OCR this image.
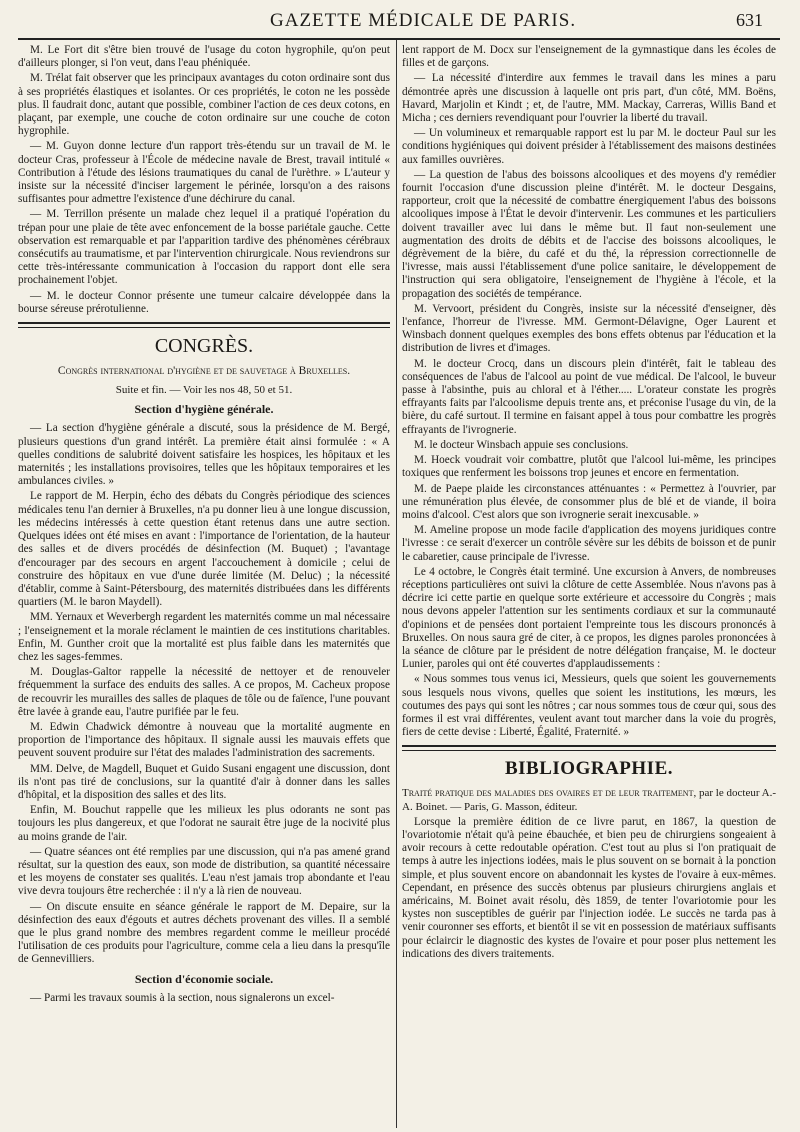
GAZETTE MÉDICALE DE PARIS.	631

M. Le Fort dit s'être bien trouvé de l'usage du coton hygrophile, qu'on peut d'ailleurs plonger, si l'on veut, dans l'eau phéniquée.

M. Trélat fait observer que les principaux avantages du coton ordinaire sont dus à ses propriétés élastiques et isolantes. Or ces propriétés, le coton ne les possède plus. Il faudrait donc, autant que possible, combiner l'action de ces deux cotons, en plaçant, par exemple, une couche de coton ordinaire sur une couche de coton hygrophile.

— M. Guyon donne lecture d'un rapport très-étendu sur un travail de M. le docteur Cras, professeur à l'École de médecine navale de Brest, travail intitulé « Contribution à l'étude des lésions traumatiques du canal de l'urèthre. » L'auteur y insiste sur la nécessité d'inciser largement le périnée, lorsqu'on a des raisons suffisantes pour admettre l'existence d'une déchirure du canal.

— M. Terrillon présente un malade chez lequel il a pratiqué l'opération du trépan pour une plaie de tête avec enfoncement de la bosse pariétale gauche. Cette observation est remarquable et par l'apparition tardive des phénomènes cérébraux consécutifs au traumatisme, et par l'intervention chirurgicale. Nous reviendrons sur cette très-intéressante communication à l'occasion du rapport dont elle sera prochainement l'objet.

— M. le docteur Connor présente une tumeur calcaire développée dans la bourse séreuse prérotulienne.

CONGRÈS.
Congrès international d'hygiène et de sauvetage à Bruxelles.
Suite et fin. — Voir les nos 48, 50 et 51.
Section d'hygiène générale.

— La section d'hygiène générale a discuté, sous la présidence de M. Bergé, plusieurs questions d'un grand intérêt. La première était ainsi formulée : « A quelles conditions de salubrité doivent satisfaire les hospices, les hôpitaux et les maternités ; les installations provisoires, telles que les hôpitaux temporaires et les ambulances civiles. »

Le rapport de M. Herpin, écho des débats du Congrès périodique des sciences médicales tenu l'an dernier à Bruxelles, n'a pu donner lieu à une longue discussion, les médecins intéressés à cette question étant retenus dans une autre section. Quelques idées ont été mises en avant : l'importance de l'orientation, de la hauteur des salles et de divers procédés de désinfection (M. Buquet) ; l'avantage d'encourager par des secours en argent l'accouchement à domicile ; celui de construire des hôpitaux en vue d'une durée limitée (M. Deluc) ; la nécessité d'établir, comme à Saint-Pétersbourg, des maternités distribuées dans les différents quartiers (M. le baron Maydell).

MM. Yernaux et Weverbergh regardent les maternités comme un mal nécessaire ; l'enseignement et la morale réclament le maintien de ces institutions charitables. Enfin, M. Gunther croit que la mortalité est plus faible dans les maternités que chez les sages-femmes.

M. Douglas-Galtor rappelle la nécessité de nettoyer et de renouveler fréquemment la surface des enduits des salles. A ce propos, M. Cacheux propose de recouvrir les murailles des salles de plaques de tôle ou de faïence, l'une pouvant être lavée à grande eau, l'autre purifiée par le feu.

M. Edwin Chadwick démontre à nouveau que la mortalité augmente en proportion de l'importance des hôpitaux. Il signale aussi les mauvais effets que peuvent souvent produire sur l'état des malades l'administration des sacrements.

MM. Delve, de Magdell, Buquet et Guido Susani engagent une discussion, dont ils n'ont pas tiré de conclusions, sur la quantité d'air à donner dans les salles d'hôpital, et la disposition des salles et des lits.

Enfin, M. Bouchut rappelle que les milieux les plus odorants ne sont pas toujours les plus dangereux, et que l'odorat ne saurait être juge de la nocivité plus au moins grande de l'air.

— Quatre séances ont été remplies par une discussion, qui n'a pas amené grand résultat, sur la question des eaux, son mode de distribution, sa quantité nécessaire et les moyens de constater ses qualités. L'eau n'est jamais trop abondante et l'eau vive devra toujours être recherchée : il n'y a là rien de nouveau.

— On discute ensuite en séance générale le rapport de M. Depaire, sur la désinfection des eaux d'égouts et autres déchets provenant des villes. Il a semblé que le plus grand nombre des membres regardent comme le meilleur procédé l'utilisation de ces produits pour l'agriculture, comme cela a lieu dans la presqu'île de Gennevilliers.

Section d'économie sociale.

— Parmi les travaux soumis à la section, nous signalerons un excel-

lent rapport de M. Docx sur l'enseignement de la gymnastique dans les écoles de filles et de garçons.

— La nécessité d'interdire aux femmes le travail dans les mines a paru démontrée après une discussion à laquelle ont pris part, d'un côté, MM. Boëns, Havard, Marjolin et Kindt ; et, de l'autre, MM. Mackay, Carreras, Willis Band et Micha ; ces derniers revendiquant pour l'ouvrier la liberté du travail.

— Un volumineux et remarquable rapport est lu par M. le docteur Paul sur les conditions hygiéniques qui doivent présider à l'établissement des maisons destinées aux familles ouvrières.

— La question de l'abus des boissons alcooliques et des moyens d'y remédier fournit l'occasion d'une discussion pleine d'intérêt. M. le docteur Desgains, rapporteur, croit que la nécessité de combattre énergiquement l'abus des boissons alcooliques impose à l'État le devoir d'intervenir. Les communes et les particuliers doivent travailler avec lui dans le même but. Il faut non-seulement une augmentation des droits de débits et de l'accise des boissons alcooliques, le dégrèvement de la bière, du café et du thé, la répression correctionnelle de l'ivresse, mais aussi l'établissement d'une police sanitaire, le développement de l'instruction qui sera obligatoire, l'enseignement de l'hygiène à l'école, et la propagation des sociétés de tempérance.

M. Vervoort, président du Congrès, insiste sur la nécessité d'enseigner, dès l'enfance, l'horreur de l'ivresse. MM. Germont-Délavigne, Oger Laurent et Winsbach donnent quelques exemples des bons effets obtenus par l'éducation et la distribution de livres et d'images.

M. le docteur Crocq, dans un discours plein d'intérêt, fait le tableau des conséquences de l'abus de l'alcool au point de vue médical. De l'alcool, le buveur passe à l'absinthe, puis au chloral et à l'éther..... L'orateur constate les progrès effrayants faits par l'alcoolisme depuis trente ans, et préconise l'usage du vin, de la bière, du café surtout. Il termine en faisant appel à tous pour combattre les progrès effrayants de l'ivrognerie.

M. le docteur Winsbach appuie ses conclusions.

M. Hoeck voudrait voir combattre, plutôt que l'alcool lui-même, les principes toxiques que renferment les boissons trop jeunes et encore en fermentation.

M. de Paepe plaide les circonstances atténuantes : « Permettez à l'ouvrier, par une rémunération plus élevée, de consommer plus de blé et de viande, il boira moins d'alcool. C'est alors que son ivrognerie serait inexcusable. »

M. Ameline propose un mode facile d'application des moyens juridiques contre l'ivresse : ce serait d'exercer un contrôle sévère sur les débits de boisson et de punir le cabaretier, cause principale de l'ivresse.

Le 4 octobre, le Congrès était terminé. Une excursion à Anvers, de nombreuses réceptions particulières ont suivi la clôture de cette Assemblée. Nous n'avons pas à décrire ici cette partie en quelque sorte extérieure et accessoire du Congrès ; mais nous devons appeler l'attention sur les sentiments cordiaux et sur la communauté d'opinions et de pensées dont portaient l'empreinte tous les discours prononcés à Bruxelles. On nous saura gré de citer, à ce propos, les dignes paroles prononcées à la séance de clôture par le président de notre délégation française, M. le docteur Lunier, paroles qui ont été couvertes d'applaudissements :

« Nous sommes tous venus ici, Messieurs, quels que soient les gouvernements sous lesquels nous vivons, quelles que soient les institutions, les mœurs, les coutumes des pays qui sont les nôtres ; car nous sommes tous de cœur qui, sous des formes il est vrai différentes, veulent avant tout marcher dans la voie du progrès, fiers de cette devise : Liberté, Égalité, Fraternité. »

BIBLIOGRAPHIE.

Traité pratique des maladies des ovaires et de leur traitement, par le docteur A.-A. Boinet. — Paris, G. Masson, éditeur.

Lorsque la première édition de ce livre parut, en 1867, la question de l'ovariotomie n'était qu'à peine ébauchée, et bien peu de chirurgiens songeaient à avoir recours à cette redoutable opération. C'est tout au plus si l'on pratiquait de temps à autre les injections iodées, mais le plus souvent on se bornait à la ponction simple, et plus souvent encore on abandonnait les kystes de l'ovaire à eux-mêmes. Cependant, en présence des succès obtenus par plusieurs chirurgiens anglais et américains, M. Boinet avait résolu, dès 1859, de tenter l'ovariotomie pour les kystes non susceptibles de guérir par l'injection iodée. Le succès ne tarda pas à venir couronner ses efforts, et bientôt il se vit en possession de matériaux suffisants pour éclaircir le diagnostic des kystes de l'ovaire et pour poser plus nettement les indications des divers traitements.
